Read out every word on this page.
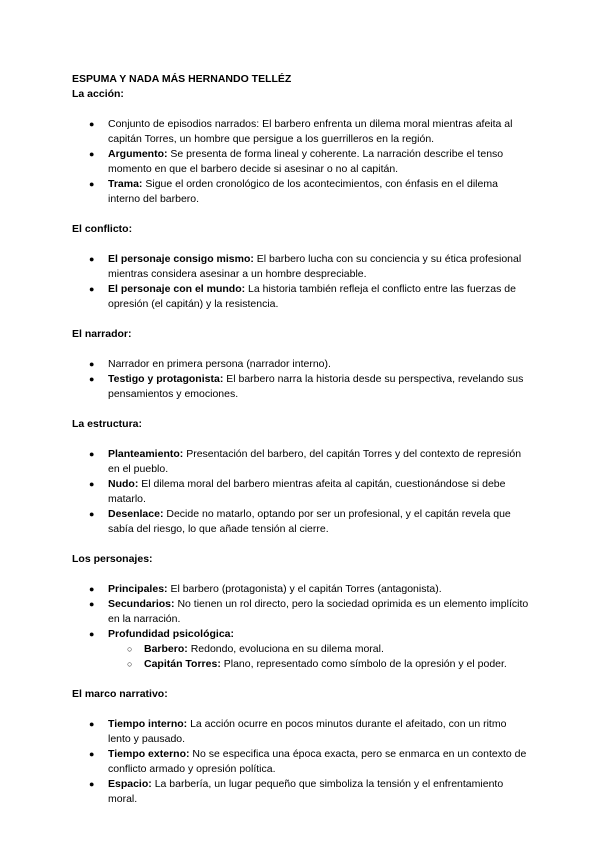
ESPUMA Y NADA MÁS HERNANDO TELLÉZ
La acción:
● Conjunto de episodios narrados: El barbero enfrenta un dilema moral mientras afeita al capitán Torres, un hombre que persigue a los guerrilleros en la región.
● Argumento: Se presenta de forma lineal y coherente. La narración describe el tenso momento en que el barbero decide si asesinar o no al capitán.
● Trama: Sigue el orden cronológico de los acontecimientos, con énfasis en el dilema interno del barbero.
El conflicto:
● El personaje consigo mismo: El barbero lucha con su conciencia y su ética profesional mientras considera asesinar a un hombre despreciable.
● El personaje con el mundo: La historia también refleja el conflicto entre las fuerzas de opresión (el capitán) y la resistencia.
El narrador:
● Narrador en primera persona (narrador interno).
● Testigo y protagonista: El barbero narra la historia desde su perspectiva, revelando sus pensamientos y emociones.
La estructura:
● Planteamiento: Presentación del barbero, del capitán Torres y del contexto de represión en el pueblo.
● Nudo: El dilema moral del barbero mientras afeita al capitán, cuestionándose si debe matarlo.
● Desenlace: Decide no matarlo, optando por ser un profesional, y el capitán revela que sabía del riesgo, lo que añade tensión al cierre.
Los personajes:
● Principales: El barbero (protagonista) y el capitán Torres (antagonista).
● Secundarios: No tienen un rol directo, pero la sociedad oprimida es un elemento implícito en la narración.
● Profundidad psicológica:
○ Barbero: Redondo, evoluciona en su dilema moral.
○ Capitán Torres: Plano, representado como símbolo de la opresión y el poder.
El marco narrativo:
● Tiempo interno: La acción ocurre en pocos minutos durante el afeitado, con un ritmo lento y pausado.
● Tiempo externo: No se especifica una época exacta, pero se enmarca en un contexto de conflicto armado y opresión política.
● Espacio: La barbería, un lugar pequeño que simboliza la tensión y el enfrentamiento moral.
